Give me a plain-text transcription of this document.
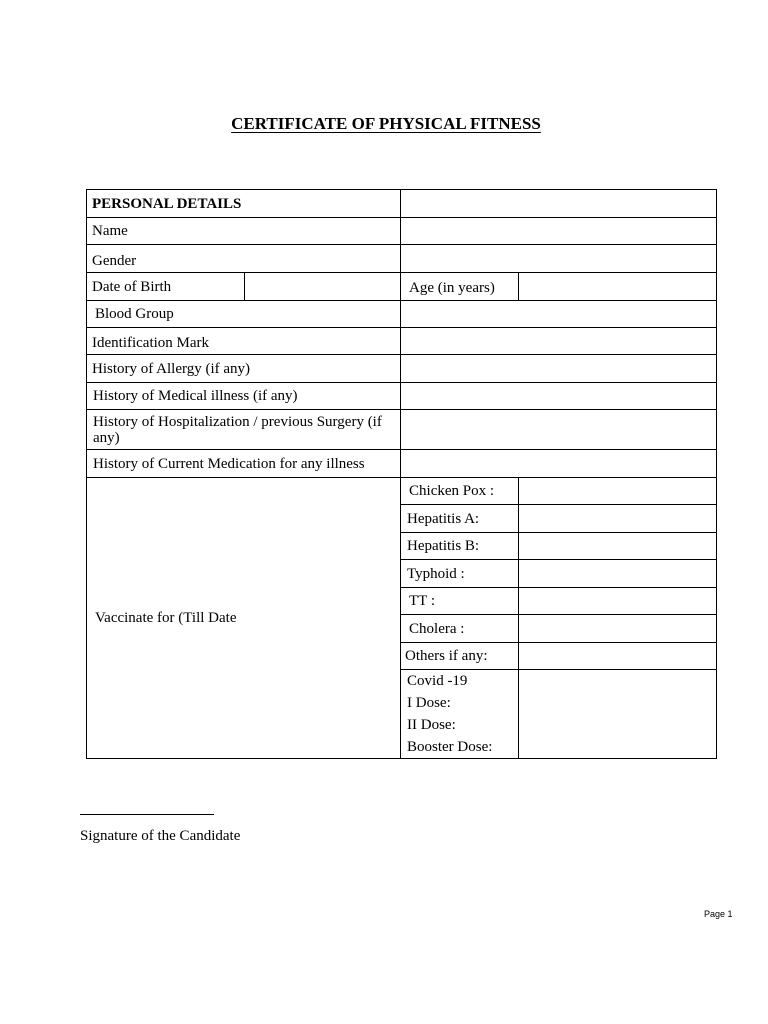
CERTIFICATE OF PHYSICAL FITNESS
PERSONAL DETAILS			
Name			
Gender			
Date of Birth		Age (in years)	
Blood Group			
Identification Mark			
History of Allergy (if any)			
History of Medical illness (if any)			
History of Hospitalization / previous Surgery (if any)			
History of Current Medication for any illness			
Vaccinate for (Till Date		Chicken Pox :	
		Hepatitis A:	
		Hepatitis B:	
		Typhoid :	
		TT :	
		Cholera :	
		Others if any:	

		Covid -19
I Dose:
II Dose:
Booster Dose:	

Signature of the Candidate
Page 1
